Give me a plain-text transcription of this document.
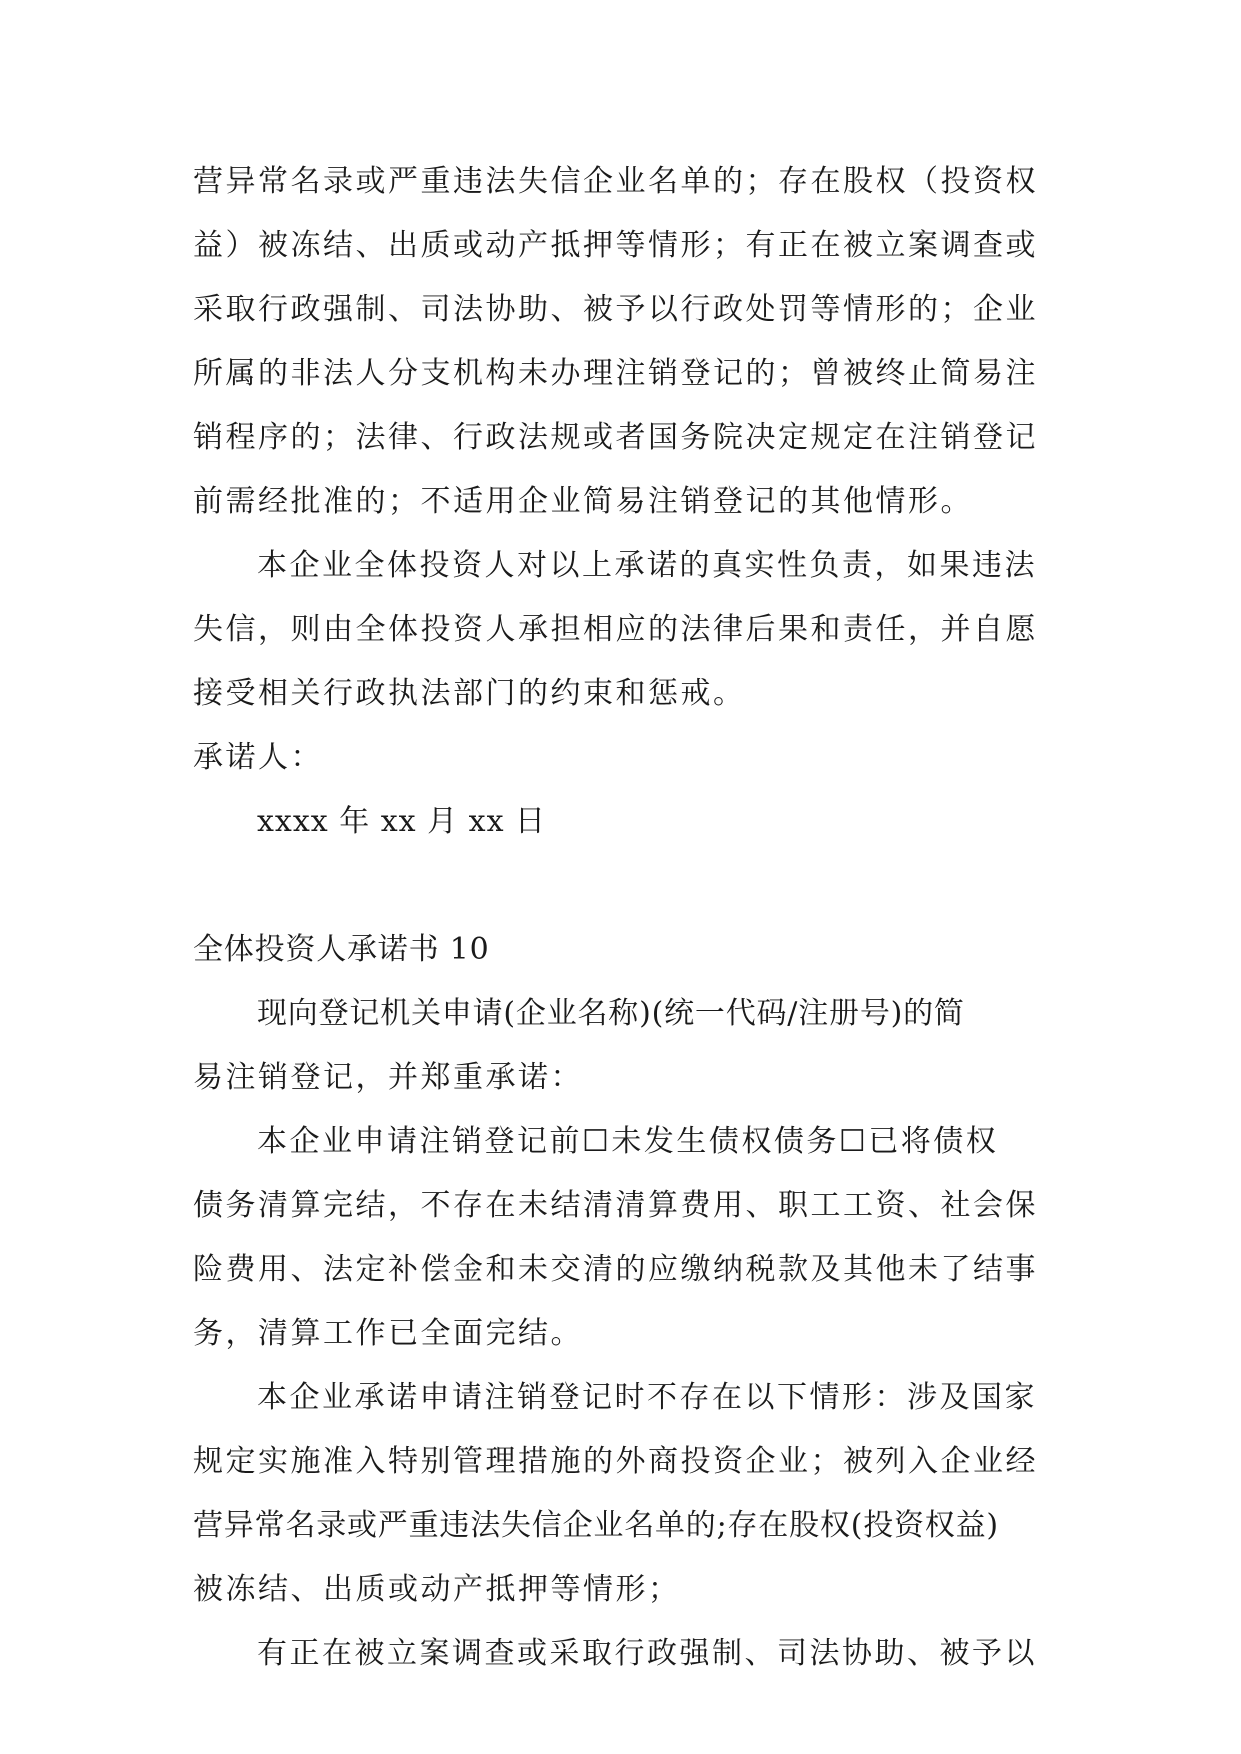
营异常名录或严重违法失信企业名单的；存在股权（投资权
益）被冻结、出质或动产抵押等情形；有正在被立案调查或
采取行政强制、司法协助、被予以行政处罚等情形的；企业
所属的非法人分支机构未办理注销登记的；曾被终止简易注
销程序的；法律、行政法规或者国务院决定规定在注销登记
前需经批准的；不适用企业简易注销登记的其他情形。
本企业全体投资人对以上承诺的真实性负责，如果违法
失信，则由全体投资人承担相应的法律后果和责任，并自愿
接受相关行政执法部门的约束和惩戒。
承诺人：
xxxx 年 xx 月 xx 日
全体投资人承诺书 10
现向登记机关申请(企业名称)(统一代码/注册号)的简
易注销登记，并郑重承诺：
本企业申请注销登记前☐未发生债权债务☐已将债权
债务清算完结，不存在未结清清算费用、职工工资、社会保
险费用、法定补偿金和未交清的应缴纳税款及其他未了结事
务，清算工作已全面完结。
本企业承诺申请注销登记时不存在以下情形：涉及国家
规定实施准入特别管理措施的外商投资企业；被列入企业经
营异常名录或严重违法失信企业名单的;存在股权(投资权益)
被冻结、出质或动产抵押等情形；
有正在被立案调查或采取行政强制、司法协助、被予以
